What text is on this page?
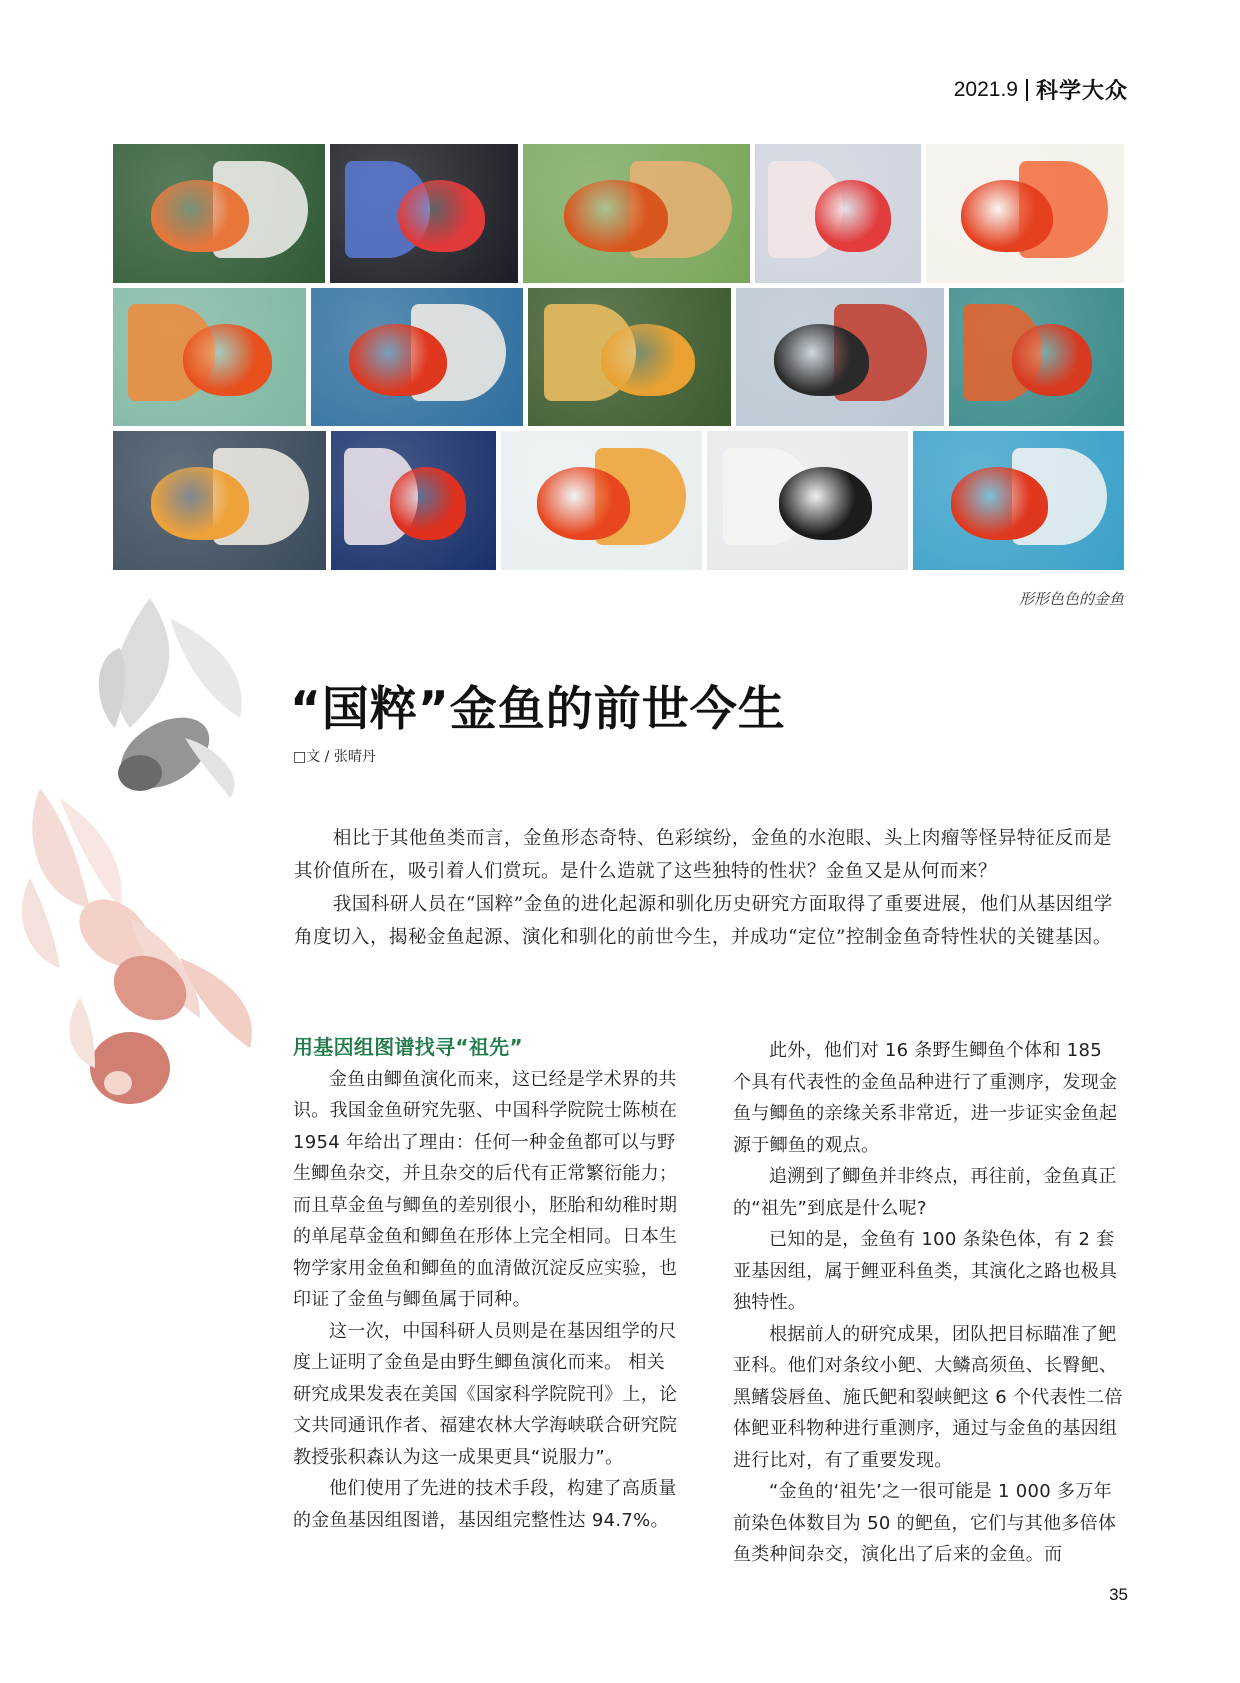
2021.9 科学大众
形形色色的金鱼
“国粹”金鱼的前世今生
□文 / 张晴丹

相比于其他鱼类而言，金鱼形态奇特、色彩缤纷，金鱼的水泡眼、头上肉瘤等怪异特征反而是其价值所在，吸引着人们赏玩。是什么造就了这些独特的性状？金鱼又是从何而来？

我国科研人员在“国粹”金鱼的进化起源和驯化历史研究方面取得了重要进展，他们从基因组学角度切入，揭秘金鱼起源、演化和驯化的前世今生，并成功“定位”控制金鱼奇特性状的关键基因。

用基因组图谱找寻“祖先”

金鱼由鲫鱼演化而来，这已经是学术界的共识。我国金鱼研究先驱、中国科学院院士陈桢在 1954 年给出了理由：任何一种金鱼都可以与野生鲫鱼杂交，并且杂交的后代有正常繁衍能力；而且草金鱼与鲫鱼的差别很小，胚胎和幼稚时期的单尾草金鱼和鲫鱼在形体上完全相同。日本生物学家用金鱼和鲫鱼的血清做沉淀反应实验，也印证了金鱼与鲫鱼属于同种。

这一次，中国科研人员则是在基因组学的尺度上证明了金鱼是由野生鲫鱼演化而来。 相关研究成果发表在美国《国家科学院院刊》上，论文共同通讯作者、福建农林大学海峡联合研究院教授张积森认为这一成果更具“说服力”。

他们使用了先进的技术手段，构建了高质量的金鱼基因组图谱，基因组完整性达 94.7%。

此外，他们对 16 条野生鲫鱼个体和 185 个具有代表性的金鱼品种进行了重测序，发现金鱼与鲫鱼的亲缘关系非常近，进一步证实金鱼起源于鲫鱼的观点。

追溯到了鲫鱼并非终点，再往前，金鱼真正的“祖先”到底是什么呢?

已知的是，金鱼有 100 条染色体，有 2 套亚基因组，属于鲤亚科鱼类，其演化之路也极具独特性。

根据前人的研究成果，团队把目标瞄准了鲃亚科。他们对条纹小鲃、大鳞高须鱼、长臀鲃、黑鳍袋唇鱼、施氏鲃和裂峡鲃这 6 个代表性二倍体鲃亚科物种进行重测序，通过与金鱼的基因组进行比对，有了重要发现。

“金鱼的‘祖先’之一很可能是 1 000 多万年前染色体数目为 50 的鲃鱼，它们与其他多倍体鱼类种间杂交，演化出了后来的金鱼。而

35
